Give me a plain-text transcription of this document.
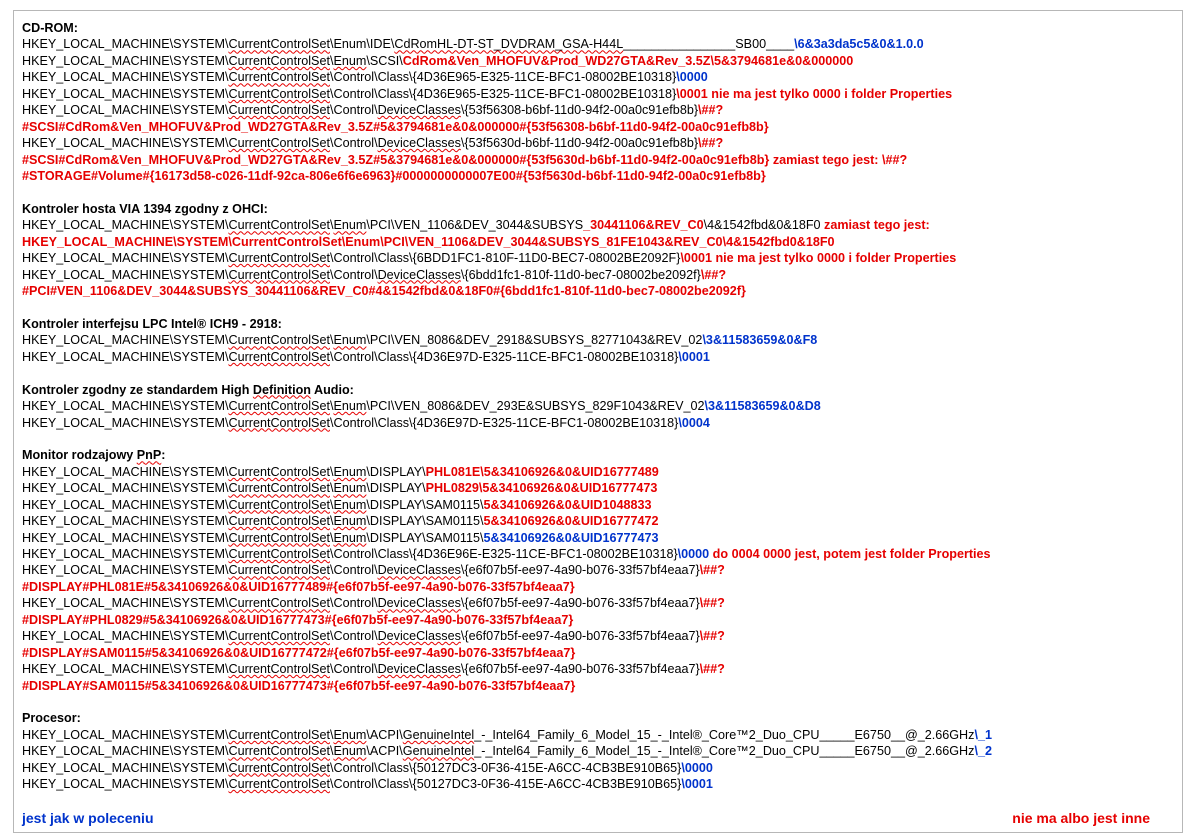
CD-ROM:
HKEY_LOCAL_MACHINE\SYSTEM\CurrentControlSet\Enum\IDE\CdRomHL-DT-ST_DVDRAM_GSA-H44L________________SB00____\6&3a3da5c5&0&1.0.0
HKEY_LOCAL_MACHINE\SYSTEM\CurrentControlSet\Enum\SCSI\CdRom&Ven_MHOFUV&Prod_WD27GTA&Rev_3.5Z\5&3794681e&0&000000
HKEY_LOCAL_MACHINE\SYSTEM\CurrentControlSet\Control\Class\{4D36E965-E325-11CE-BFC1-08002BE10318}\0000
HKEY_LOCAL_MACHINE\SYSTEM\CurrentControlSet\Control\Class\{4D36E965-E325-11CE-BFC1-08002BE10318}\0001 nie ma jest tylko 0000 i folder Properties
HKEY_LOCAL_MACHINE\SYSTEM\CurrentControlSet\Control\DeviceClasses\{53f56308-b6bf-11d0-94f2-00a0c91efb8b}\##?
#SCSI#CdRom&Ven_MHOFUV&Prod_WD27GTA&Rev_3.5Z#5&3794681e&0&000000#{53f56308-b6bf-11d0-94f2-00a0c91efb8b}
HKEY_LOCAL_MACHINE\SYSTEM\CurrentControlSet\Control\DeviceClasses\{53f5630d-b6bf-11d0-94f2-00a0c91efb8b}\##?
#SCSI#CdRom&Ven_MHOFUV&Prod_WD27GTA&Rev_3.5Z#5&3794681e&0&000000#{53f5630d-b6bf-11d0-94f2-00a0c91efb8b} zamiast tego jest: \##?
#STORAGE#Volume#{16173d58-c026-11df-92ca-806e6f6e6963}#0000000000007E00#{53f5630d-b6bf-11d0-94f2-00a0c91efb8b}
Kontroler hosta VIA 1394 zgodny z OHCI:
HKEY_LOCAL_MACHINE\SYSTEM\CurrentControlSet\Enum\PCI\VEN_1106&DEV_3044&SUBSYS_30441106&REV_C0\4&1542fbd&0&18F0 zamiast tego jest:
HKEY_LOCAL_MACHINE\SYSTEM\CurrentControlSet\Enum\PCI\VEN_1106&DEV_3044&SUBSYS_81FE1043&REV_C0\4&1542fbd0&18F0
HKEY_LOCAL_MACHINE\SYSTEM\CurrentControlSet\Control\Class\{6BDD1FC1-810F-11D0-BEC7-08002BE2092F}\0001 nie ma jest tylko 0000 i folder Properties
HKEY_LOCAL_MACHINE\SYSTEM\CurrentControlSet\Control\DeviceClasses\{6bdd1fc1-810f-11d0-bec7-08002be2092f}\##?
#PCI#VEN_1106&DEV_3044&SUBSYS_30441106&REV_C0#4&1542fbd&0&18F0#{6bdd1fc1-810f-11d0-bec7-08002be2092f}
Kontroler interfejsu LPC Intel® ICH9 - 2918:
HKEY_LOCAL_MACHINE\SYSTEM\CurrentControlSet\Enum\PCI\VEN_8086&DEV_2918&SUBSYS_82771043&REV_02\3&11583659&0&F8
HKEY_LOCAL_MACHINE\SYSTEM\CurrentControlSet\Control\Class\{4D36E97D-E325-11CE-BFC1-08002BE10318}\0001
Kontroler zgodny ze standardem High Definition Audio:
HKEY_LOCAL_MACHINE\SYSTEM\CurrentControlSet\Enum\PCI\VEN_8086&DEV_293E&SUBSYS_829F1043&REV_02\3&11583659&0&D8
HKEY_LOCAL_MACHINE\SYSTEM\CurrentControlSet\Control\Class\{4D36E97D-E325-11CE-BFC1-08002BE10318}\0004
Monitor rodzajowy PnP:
HKEY_LOCAL_MACHINE\SYSTEM\CurrentControlSet\Enum\DISPLAY\PHL081E\5&34106926&0&UID16777489
HKEY_LOCAL_MACHINE\SYSTEM\CurrentControlSet\Enum\DISPLAY\PHL0829\5&34106926&0&UID16777473
HKEY_LOCAL_MACHINE\SYSTEM\CurrentControlSet\Enum\DISPLAY\SAM0115\5&34106926&0&UID1048833
HKEY_LOCAL_MACHINE\SYSTEM\CurrentControlSet\Enum\DISPLAY\SAM0115\5&34106926&0&UID16777472
HKEY_LOCAL_MACHINE\SYSTEM\CurrentControlSet\Enum\DISPLAY\SAM0115\5&34106926&0&UID16777473
HKEY_LOCAL_MACHINE\SYSTEM\CurrentControlSet\Control\Class\{4D36E96E-E325-11CE-BFC1-08002BE10318}\0000 do 0004 0000 jest, potem jest folder Properties
HKEY_LOCAL_MACHINE\SYSTEM\CurrentControlSet\Control\DeviceClasses\{e6f07b5f-ee97-4a90-b076-33f57bf4eaa7}\##?
#DISPLAY#PHL081E#5&34106926&0&UID16777489#{e6f07b5f-ee97-4a90-b076-33f57bf4eaa7}
HKEY_LOCAL_MACHINE\SYSTEM\CurrentControlSet\Control\DeviceClasses\{e6f07b5f-ee97-4a90-b076-33f57bf4eaa7}\##?
#DISPLAY#PHL0829#5&34106926&0&UID16777473#{e6f07b5f-ee97-4a90-b076-33f57bf4eaa7}
HKEY_LOCAL_MACHINE\SYSTEM\CurrentControlSet\Control\DeviceClasses\{e6f07b5f-ee97-4a90-b076-33f57bf4eaa7}\##?
#DISPLAY#SAM0115#5&34106926&0&UID16777472#{e6f07b5f-ee97-4a90-b076-33f57bf4eaa7}
HKEY_LOCAL_MACHINE\SYSTEM\CurrentControlSet\Control\DeviceClasses\{e6f07b5f-ee97-4a90-b076-33f57bf4eaa7}\##?
#DISPLAY#SAM0115#5&34106926&0&UID16777473#{e6f07b5f-ee97-4a90-b076-33f57bf4eaa7}
Procesor:
HKEY_LOCAL_MACHINE\SYSTEM\CurrentControlSet\Enum\ACPI\GenuineIntel_-_Intel64_Family_6_Model_15_-_Intel®_Core™2_Duo_CPU_____E6750__@_2.66GHz\_1
HKEY_LOCAL_MACHINE\SYSTEM\CurrentControlSet\Enum\ACPI\GenuineIntel_-_Intel64_Family_6_Model_15_-_Intel®_Core™2_Duo_CPU_____E6750__@_2.66GHz\_2
HKEY_LOCAL_MACHINE\SYSTEM\CurrentControlSet\Control\Class\{50127DC3-0F36-415E-A6CC-4CB3BE910B65}\0000
HKEY_LOCAL_MACHINE\SYSTEM\CurrentControlSet\Control\Class\{50127DC3-0F36-415E-A6CC-4CB3BE910B65}\0001
jest jak w poleceniu	nie ma albo jest inne
